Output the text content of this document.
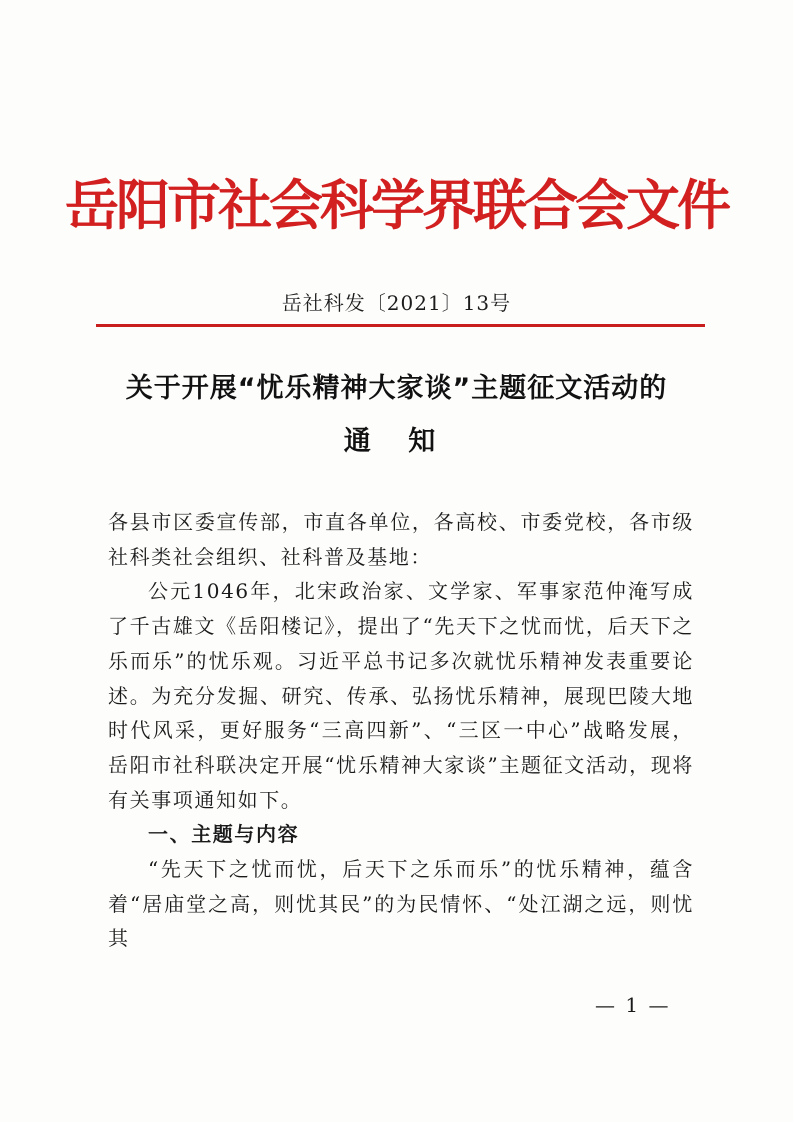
岳阳市社会科学界联合会文件
岳社科发〔2021〕13号
关于开展“忧乐精神大家谈”主题征文活动的
通 知

各县市区委宣传部，市直各单位，各高校、市委党校，各市级社科类社会组织、社科普及基地：

公元1046年，北宋政治家、文学家、军事家范仲淹写成了千古雄文《岳阳楼记》，提出了“先天下之忧而忧，后天下之乐而乐”的忧乐观。习近平总书记多次就忧乐精神发表重要论述。为充分发掘、研究、传承、弘扬忧乐精神，展现巴陵大地时代风采，更好服务“三高四新”、“三区一中心”战略发展，岳阳市社科联决定开展“忧乐精神大家谈”主题征文活动，现将有关事项通知如下。

一、主题与内容

“先天下之忧而忧，后天下之乐而乐”的忧乐精神，蕴含着“居庙堂之高，则忧其民”的为民情怀、“处江湖之远，则忧其

— 1 —
